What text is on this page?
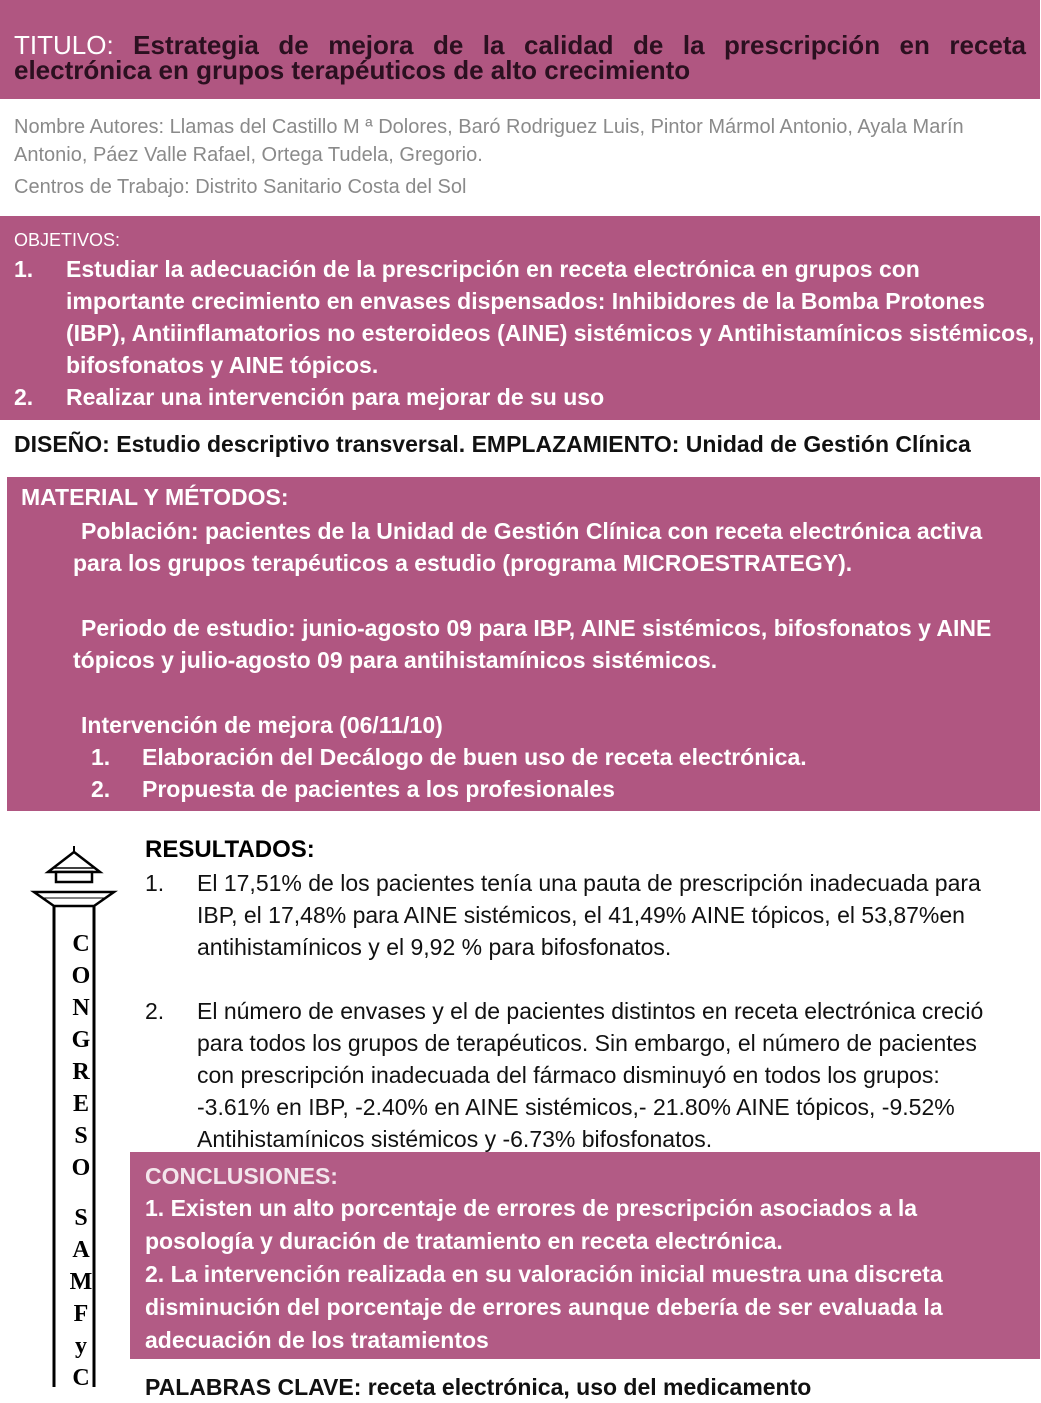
TITULO: Estrategia de mejora de la calidad de la prescripción en receta electrónica en grupos terapéuticos de alto crecimiento
Nombre Autores: Llamas del Castillo M ª Dolores, Baró Rodriguez Luis, Pintor Mármol Antonio, Ayala Marín Antonio, Páez Valle Rafael, Ortega Tudela, Gregorio.
Centros de Trabajo: Distrito Sanitario Costa del Sol
OBJETIVOS:
1. Estudiar la adecuación de la prescripción en receta electrónica en grupos con importante crecimiento en envases dispensados: Inhibidores de la Bomba Protones (IBP), Antiinflamatorios no esteroideos (AINE) sistémicos y Antihistamínicos sistémicos, bifosfonatos y AINE tópicos.
2. Realizar una intervención para mejorar de su uso
DISEÑO: Estudio descriptivo transversal. EMPLAZAMIENTO: Unidad de Gestión Clínica
MATERIAL Y MÉTODOS:
Población: pacientes de la Unidad de Gestión Clínica con receta electrónica activa para los grupos terapéuticos a estudio (programa MICROESTRATEGY).
Periodo de estudio: junio-agosto 09 para IBP, AINE sistémicos, bifosfonatos y AINE tópicos y julio-agosto 09 para antihistamínicos sistémicos.
Intervención de mejora (06/11/10)
1. Elaboración del Decálogo de buen uso de receta electrónica.
2. Propuesta de pacientes a los profesionales
3. Revisión de los pacientes
C
O
N
G
R
E
S
O
S
A
M
F
y
C
RESULTADOS:
1. El 17,51% de los pacientes tenía una pauta de prescripción inadecuada para IBP, el 17,48% para AINE sistémicos, el 41,49% AINE tópicos, el 53,87%en antihistamínicos y el 9,92 % para bifosfonatos.
2. El número de envases y el de pacientes distintos en receta electrónica creció para todos los grupos de terapéuticos. Sin embargo, el número de pacientes con prescripción inadecuada del fármaco disminuyó en todos los grupos: -3.61% en IBP, -2.40% en AINE sistémicos,- 21.80% AINE tópicos, -9.52% Antihistamínicos sistémicos y -6.73% bifosfonatos.
CONCLUSIONES:
1. Existen un alto porcentaje de errores de prescripción asociados a la posología y duración de tratamiento en receta electrónica.
2. La intervención realizada en su valoración inicial muestra una discreta disminución del porcentaje de errores aunque debería de ser evaluada la adecuación de los tratamientos
PALABRAS CLAVE: receta electrónica, uso del medicamento
